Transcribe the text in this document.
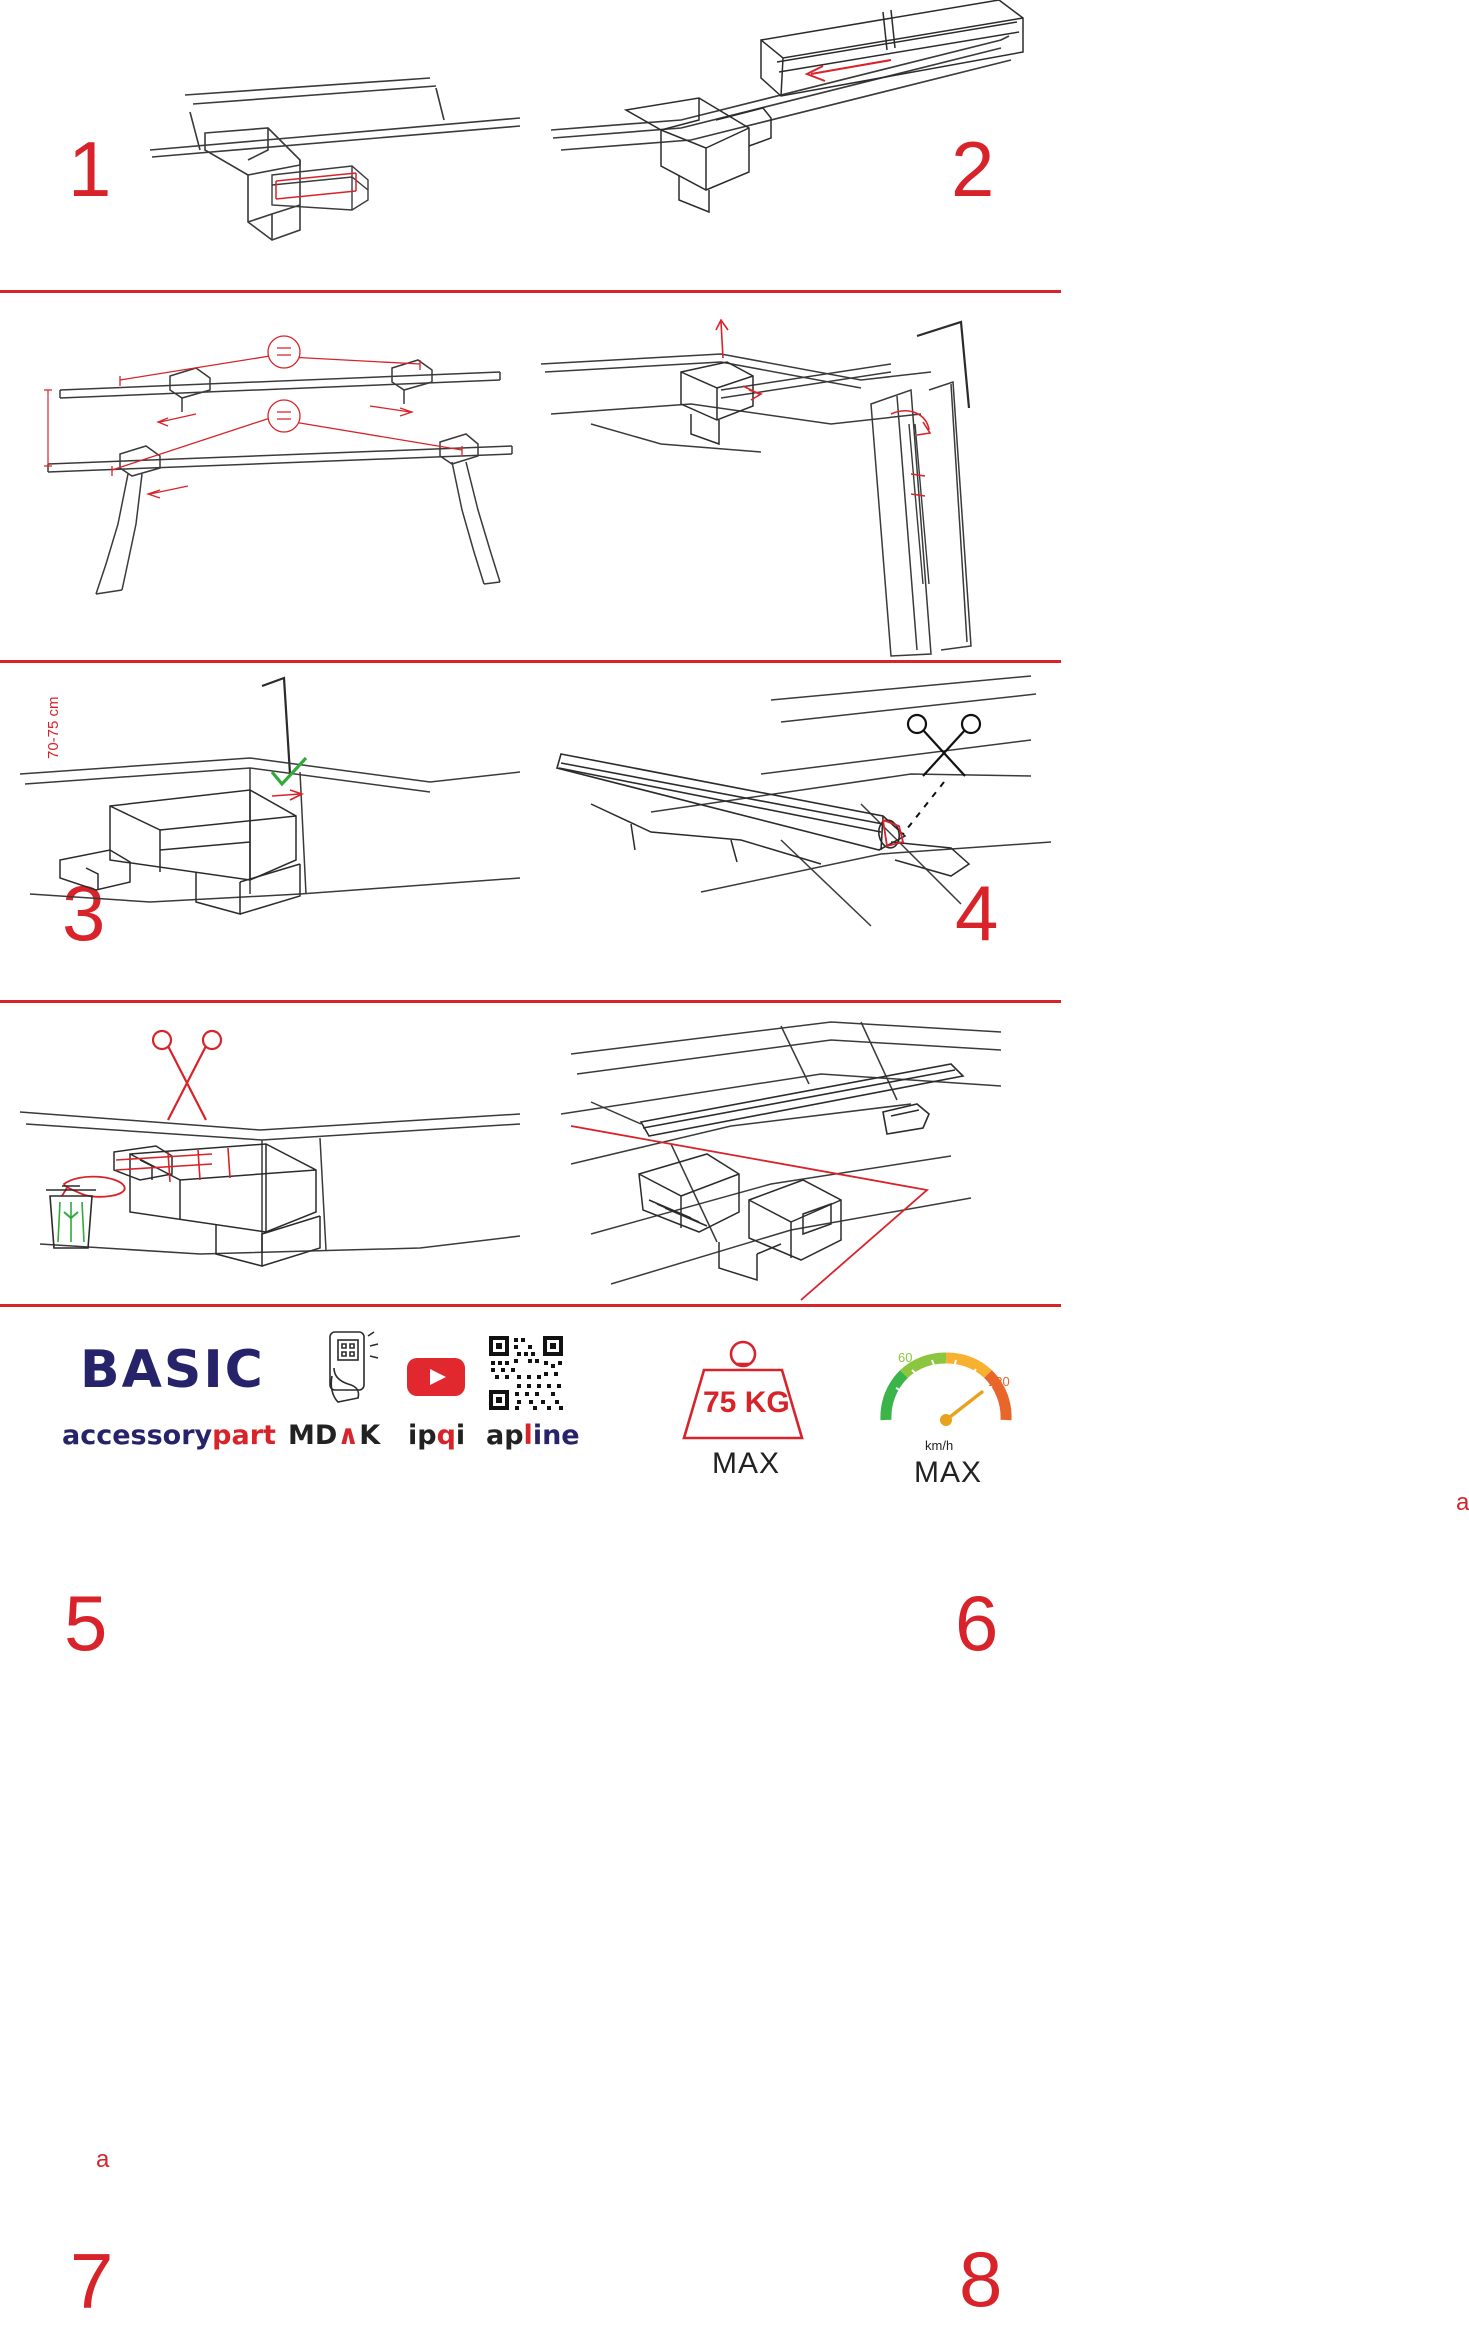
1	2
70-75 cm
3	4
5
a
6
a
7	8
BASIC
accessorypart MD∧K ipqi apline
75 KG
MAX
60
120
km/h
MAX
